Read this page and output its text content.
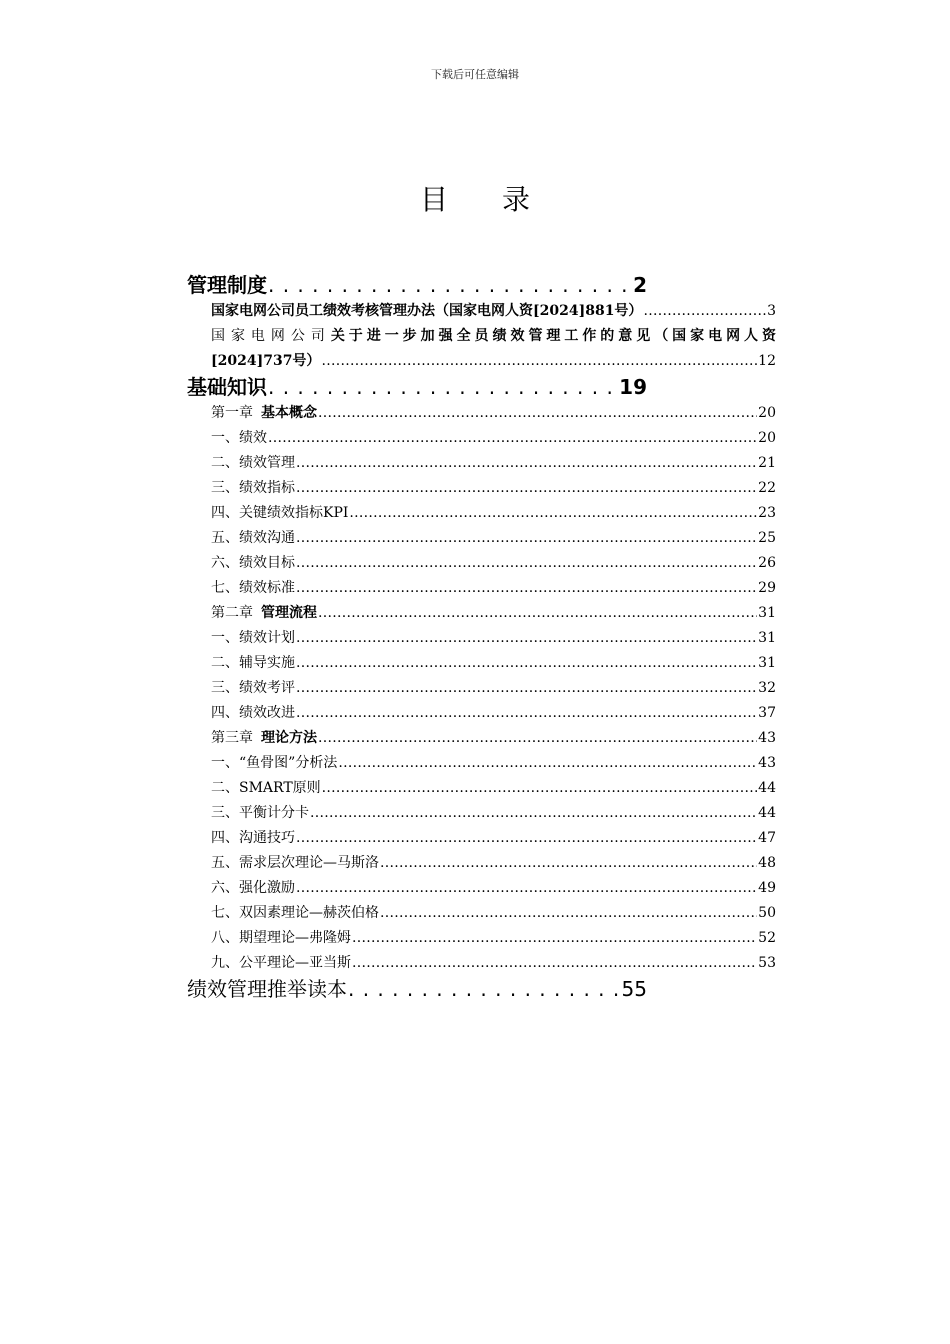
下载后可任意编辑
目 录
管理制度 . . .	2
国家电网公司员工绩效考核管理办法（国家电网人资[2024]881号） .....	3
国家电网公司关于进一步加强全员绩效管理工作的意见（国家电网人资
[2024]737号） .....	12
基础知识 . . .	19
第一章 基本概念 .....	20
一、绩效 .....	20
二、绩效管理 .....	21
三、绩效指标 .....	22
四、关键绩效指标KPI .....	23
五、绩效沟通 .....	25
六、绩效目标 .....	26
七、绩效标准 .....	29
第二章 管理流程 .....	31
一、绩效计划 .....	31
二、辅导实施 .....	31
三、绩效考评 .....	32
四、绩效改进 .....	37
第三章 理论方法 .....	43
一、“鱼骨图”分析法 .....	43
二、SMART原则 .....	44
三、平衡计分卡 .....	44
四、沟通技巧 .....	47
五、需求层次理论—马斯洛 .....	48
六、强化激励 .....	49
七、双因素理论—赫茨伯格 .....	50
八、期望理论—弗隆姆 .....	52
九、公平理论—亚当斯 .....	53
绩效管理推举读本 . . .	55
